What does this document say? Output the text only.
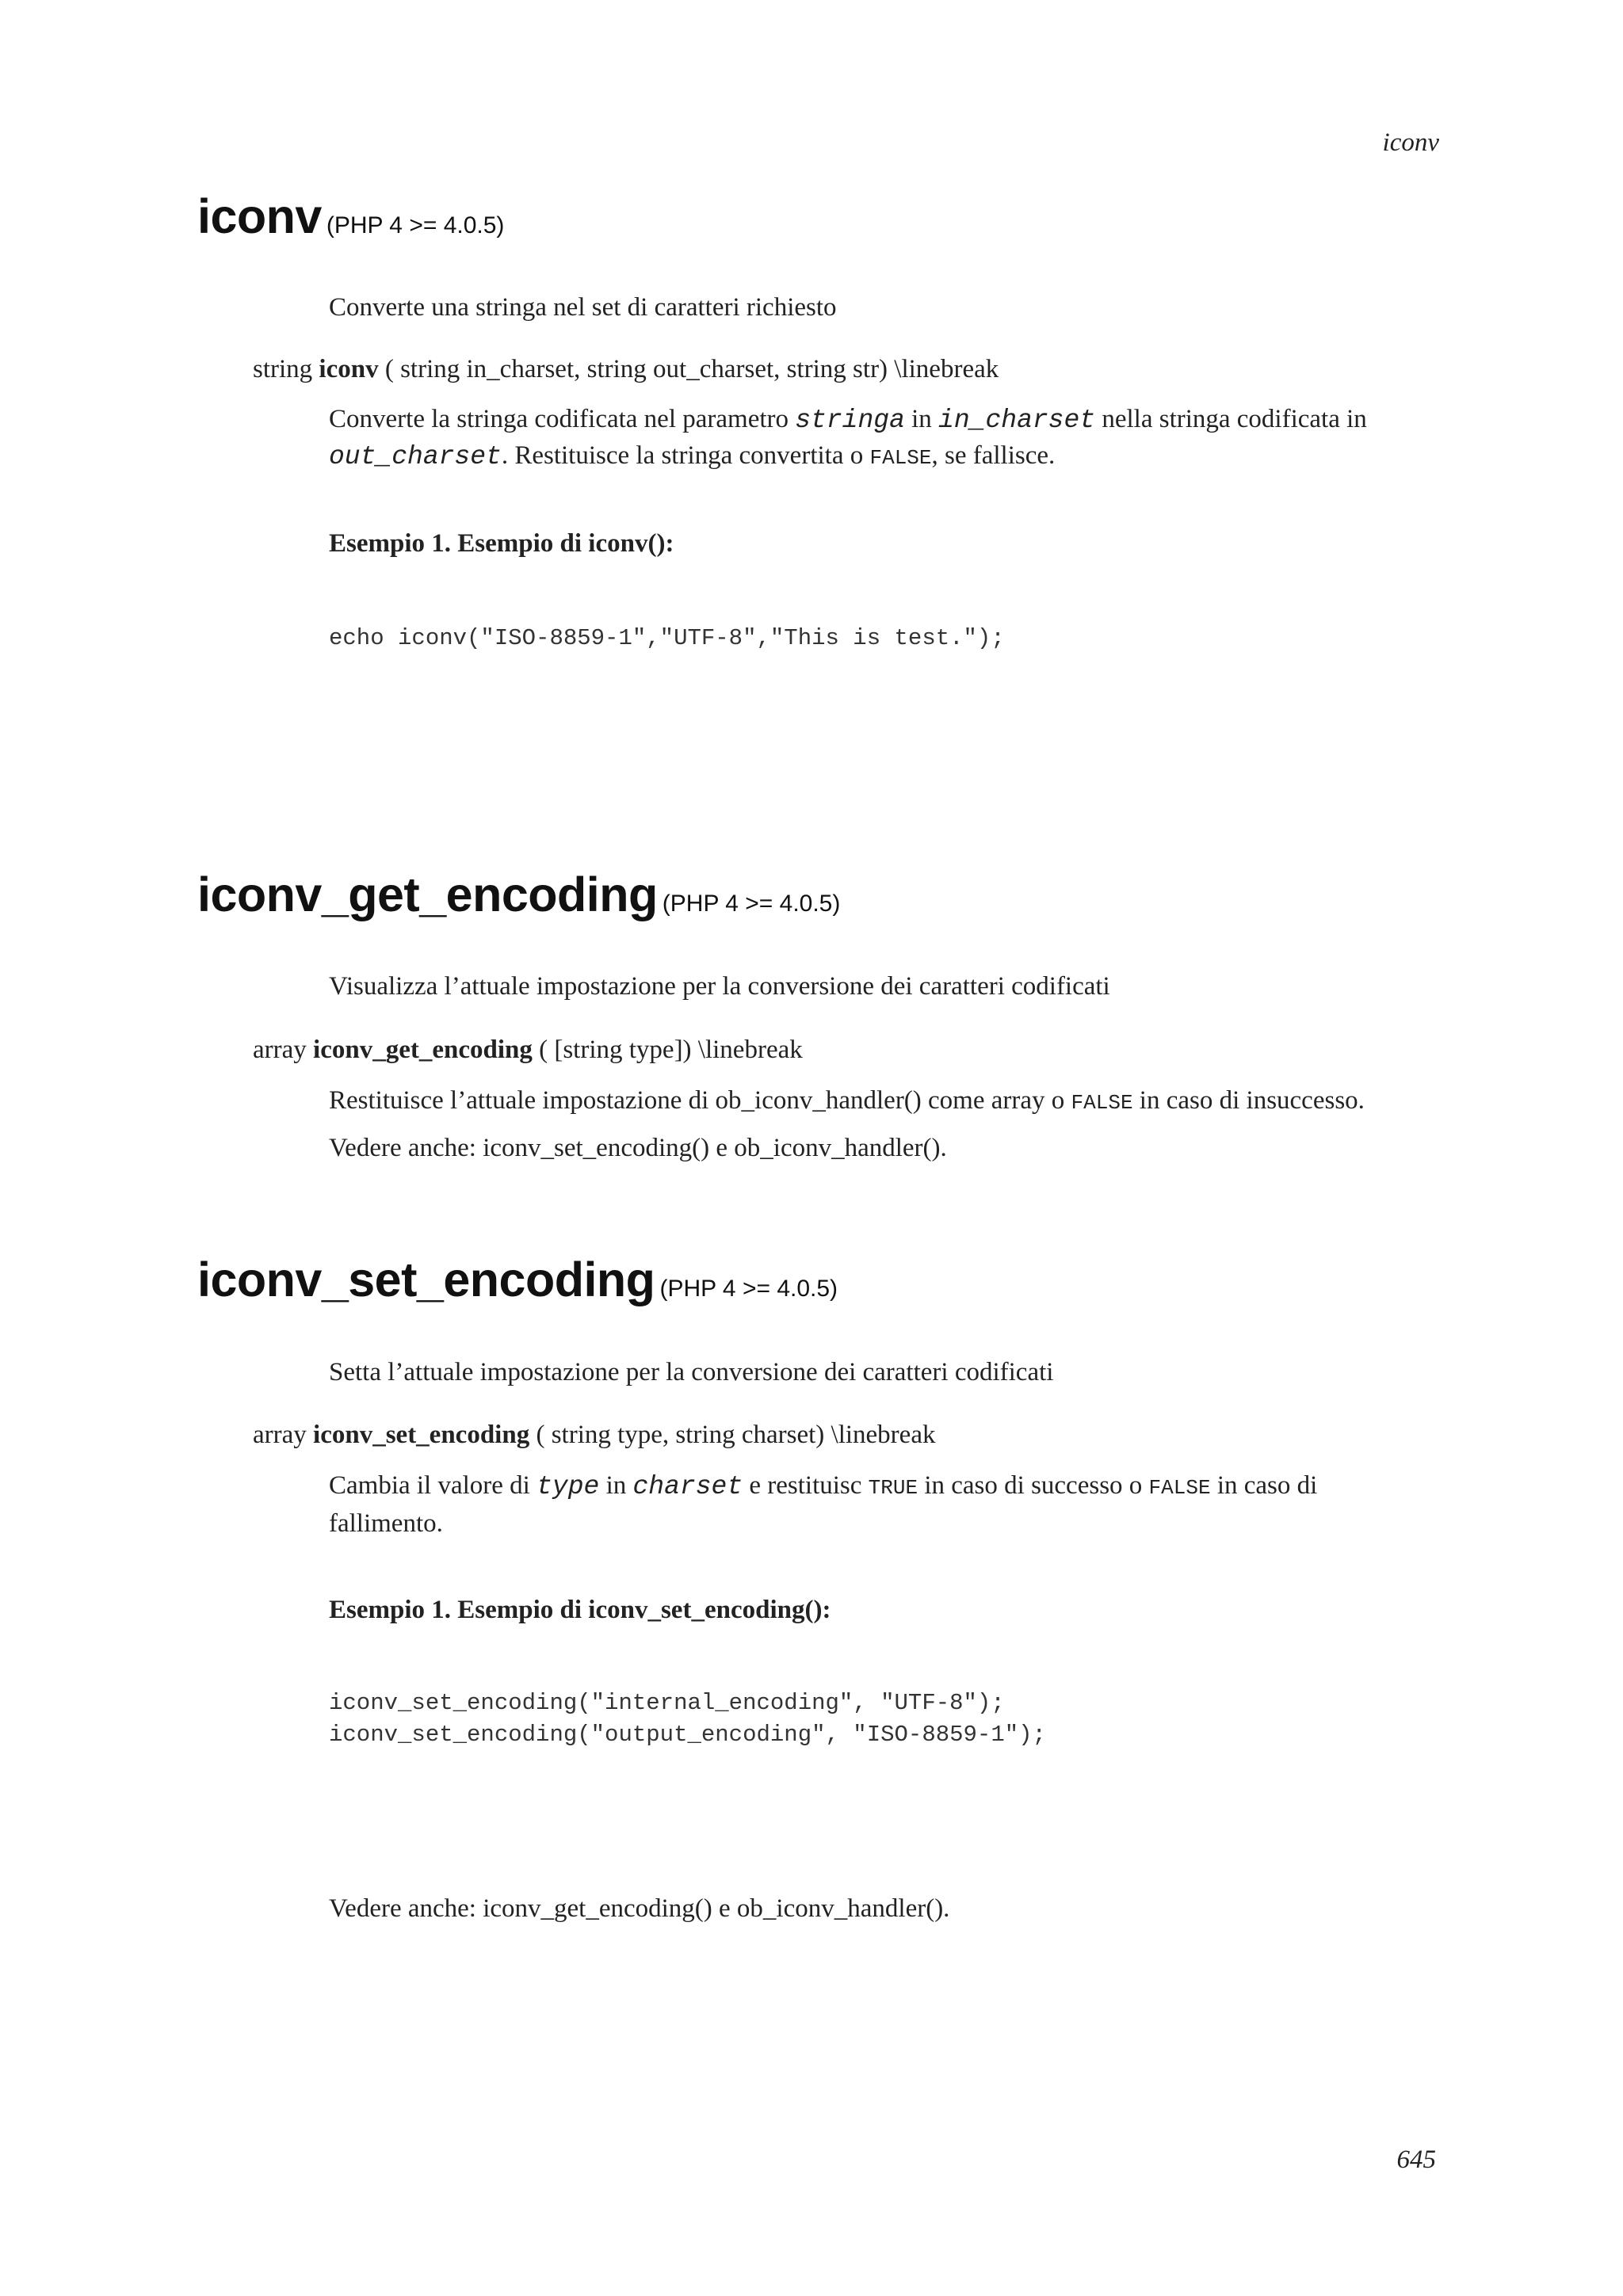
iconv
645
iconv (PHP 4 >= 4.0.5)
Converte una stringa nel set di caratteri richiesto
string iconv ( string in_charset, string out_charset, string str) \linebreak
Converte la stringa codificata nel parametro stringa in in_charset nella stringa codificata in out_charset. Restituisce la stringa convertita o FALSE, se fallisce.
Esempio 1. Esempio di iconv():
echo iconv("ISO-8859-1","UTF-8","This is test.");
iconv_get_encoding (PHP 4 >= 4.0.5)
Visualizza l’attuale impostazione per la conversione dei caratteri codificati
array iconv_get_encoding ( [string type]) \linebreak
Restituisce l’attuale impostazione di ob_iconv_handler() come array o FALSE in caso di insuccesso.
Vedere anche: iconv_set_encoding() e ob_iconv_handler().
iconv_set_encoding (PHP 4 >= 4.0.5)
Setta l’attuale impostazione per la conversione dei caratteri codificati
array iconv_set_encoding ( string type, string charset) \linebreak
Cambia il valore di type in charset e restituisc TRUE in caso di successo o FALSE in caso di fallimento.
Esempio 1. Esempio di iconv_set_encoding():
iconv_set_encoding("internal_encoding", "UTF-8");
iconv_set_encoding("output_encoding", "ISO-8859-1");
Vedere anche: iconv_get_encoding() e ob_iconv_handler().
